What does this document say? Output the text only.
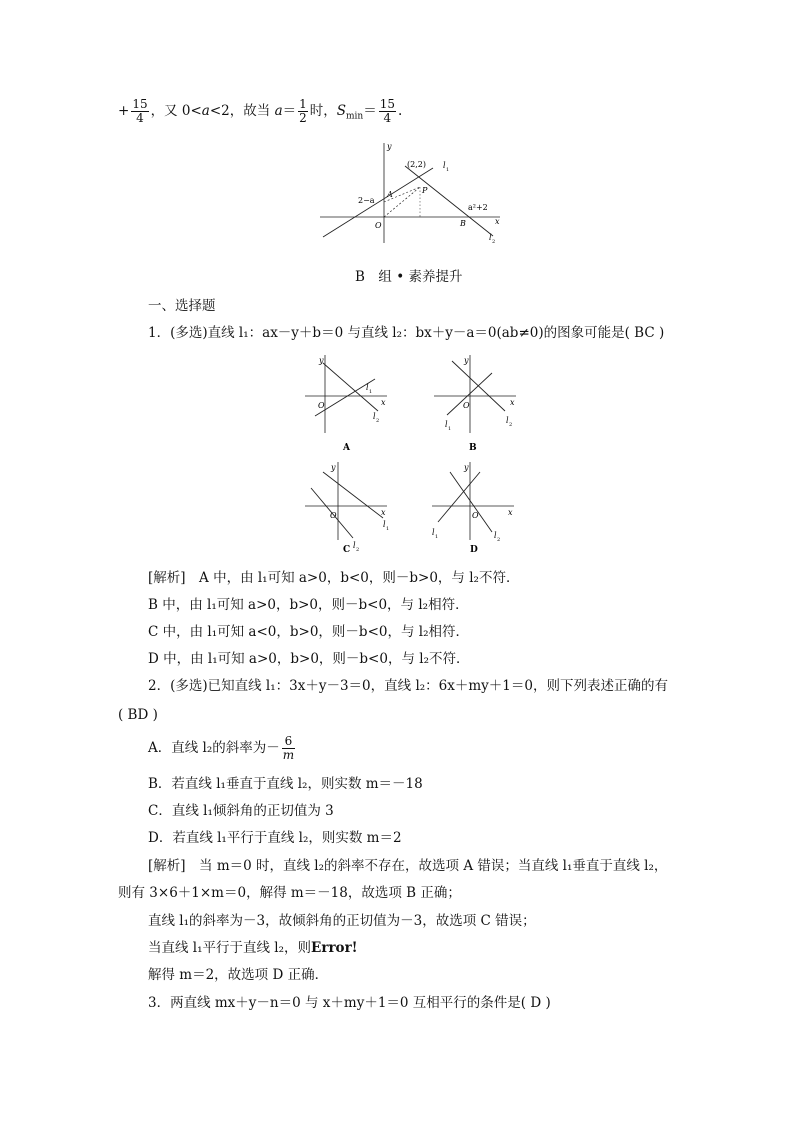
+ $\frac{15}{4}$ ，又 0<a<2，故当 $a= \frac{1}{2}$ 时，$S_{min}= \frac{15}{4}$ .
y
x
O
(2,2) l 1
l 2
A	P
B
2−a
a²+2
B　组 • 素养提升
一、选择题
1．(多选)直线 l₁：ax－y＋b＝0 与直线 l₂：bx＋y－a＝0(ab≠0)的图象可能是( BC )
y
x
O
l 1
l 2
A
y
x
O
l 1
l 2
B
y
x
O
l 1
l 2
C
y
x
O
l 1	l 2
D
[解析]　A 中，由 l₁可知 a>0，b<0，则－b>0，与 l₂不符．
B 中，由 l₁可知 a>0，b>0，则－b<0，与 l₂相符．
C 中，由 l₁可知 a<0，b>0，则－b<0，与 l₂相符．
D 中，由 l₁可知 a>0，b>0，则－b<0，与 l₂不符．
2．(多选)已知直线 l₁：3x＋y－3＝0，直线 l₂：6x＋my＋1＝0，则下列表述正确的有
( BD )
A．直线 l₂的斜率为－ $\frac{6}{m}$
B．若直线 l₁垂直于直线 l₂，则实数 m＝－18
C．直线 l₁倾斜角的正切值为 3
D．若直线 l₁平行于直线 l₂，则实数 m＝2
[解析]　当 m＝0 时，直线 l₂的斜率不存在，故选项 A 错误；当直线 l₁垂直于直线 l₂，
则有 3×6＋1×m＝0，解得 m＝－18，故选项 B 正确；
直线 l₁的斜率为－3，故倾斜角的正切值为－3，故选项 C 错误；
当直线 l₁平行于直线 l₂，则Error!
解得 m＝2，故选项 D 正确．
3．两直线 mx＋y－n＝0 与 x＋my＋1＝0 互相平行的条件是( D )
